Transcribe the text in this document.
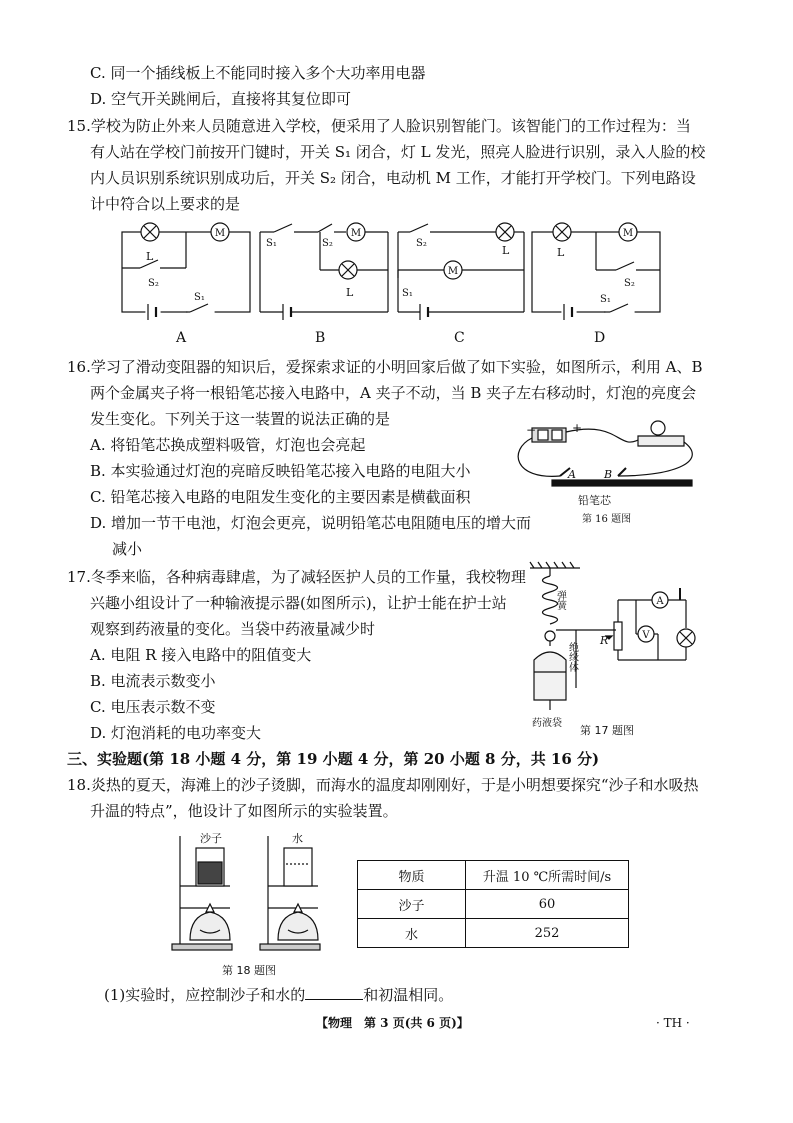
C. 同一个插线板上不能同时接入多个大功率用电器
D. 空气开关跳闸后，直接将其复位即可
15.学校为防止外来人员随意进入学校，便采用了人脸识别智能门。该智能门的工作过程为：当
有人站在学校门前按开门键时，开关 S₁ 闭合，灯 L 发光，照亮人脸进行识别，录入人脸的校
内人员识别系统识别成功后，开关 S₂ 闭合，电动机 M 工作，才能打开学校门。下列电路设
计中符合以上要求的是
M
L
S₂
S₁
A
M
S₁	S₂
L
B
M
S₂
S₁
L
C
M
L
S₂
S₁
D
16.学习了滑动变阻器的知识后，爱探索求证的小明回家后做了如下实验，如图所示，利用 A、B
两个金属夹子将一根铅笔芯接入电路中，A 夹子不动，当 B 夹子左右移动时，灯泡的亮度会
发生变化。下列关于这一装置的说法正确的是
A. 将铅笔芯换成塑料吸管，灯泡也会亮起
B. 本实验通过灯泡的亮暗反映铅笔芯接入电路的电阻大小
C. 铅笔芯接入电路的电阻发生变化的主要因素是横截面积
D. 增加一节干电池，灯泡会更亮，说明铅笔芯电阻随电压的增大而
减小
−	+
A	B
铅笔芯
第 16 题图
17.冬季来临，各种病毒肆虐，为了减轻医护人员的工作量，我校物理
兴趣小组设计了一种输液提示器(如图所示)，让护士能在护士站
观察到药液量的变化。当袋中药液量减少时
A. 电阻 R 接入电路中的阻值变大
B. 电流表示数变小
C. 电压表示数不变
D. 灯泡消耗的电功率变大
A
V
R
弹簧
绝缘体
药液袋
第 17 题图
三、实验题(第 18 小题 4 分，第 19 小题 4 分，第 20 小题 8 分，共 16 分)
18.炎热的夏天，海滩上的沙子烫脚，而海水的温度却刚刚好，于是小明想要探究“沙子和水吸热
升温的特点”，他设计了如图所示的实验装置。
沙子	水
第 18 题图
物质	升温 10 ℃所需时间/s
沙子	60
水	252
(1)实验时，应控制沙子和水的	和初温相同。
【物理　第 3 页(共 6 页)】	· TH ·
